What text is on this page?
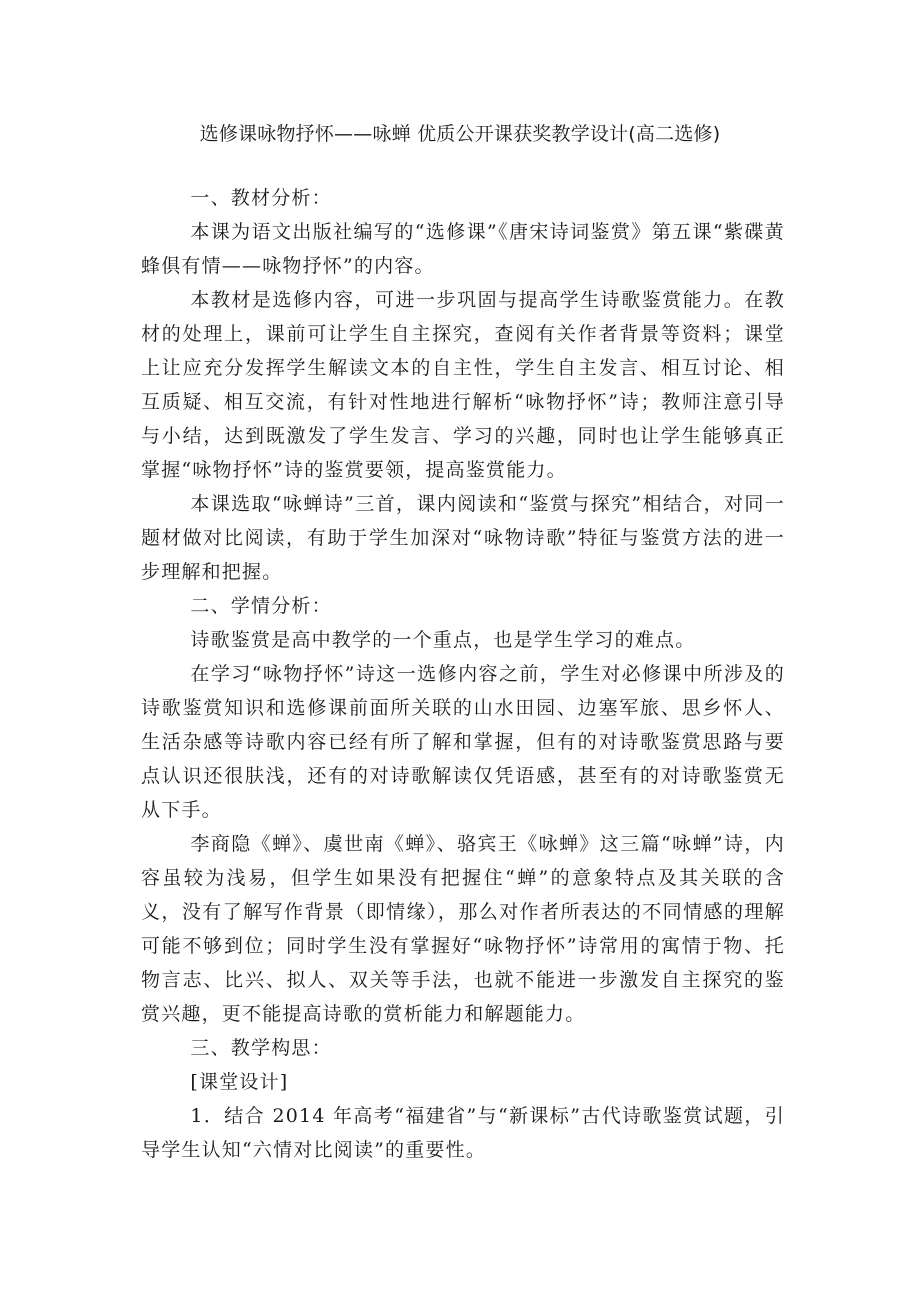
选修课咏物抒怀——咏蝉 优质公开课获奖教学设计(高二选修)

一、教材分析：

本课为语文出版社编写的“选修课”《唐宋诗词鉴赏》第五课“紫碟黄蜂俱有情——咏物抒怀”的内容。

本教材是选修内容，可进一步巩固与提高学生诗歌鉴赏能力。在教材的处理上，课前可让学生自主探究，查阅有关作者背景等资料；课堂上让应充分发挥学生解读文本的自主性，学生自主发言、相互讨论、相互质疑、相互交流，有针对性地进行解析“咏物抒怀”诗；教师注意引导与小结，达到既激发了学生发言、学习的兴趣，同时也让学生能够真正掌握“咏物抒怀”诗的鉴赏要领，提高鉴赏能力。

本课选取“咏蝉诗”三首，课内阅读和“鉴赏与探究”相结合，对同一题材做对比阅读，有助于学生加深对“咏物诗歌”特征与鉴赏方法的进一步理解和把握。

二、学情分析：

诗歌鉴赏是高中教学的一个重点，也是学生学习的难点。

在学习“咏物抒怀”诗这一选修内容之前，学生对必修课中所涉及的诗歌鉴赏知识和选修课前面所关联的山水田园、边塞军旅、思乡怀人、生活杂感等诗歌内容已经有所了解和掌握，但有的对诗歌鉴赏思路与要点认识还很肤浅，还有的对诗歌解读仅凭语感，甚至有的对诗歌鉴赏无从下手。

李商隐《蝉》、虞世南《蝉》、骆宾王《咏蝉》这三篇“咏蝉”诗，内容虽较为浅易，但学生如果没有把握住“蝉”的意象特点及其关联的含义，没有了解写作背景（即情缘），那么对作者所表达的不同情感的理解可能不够到位；同时学生没有掌握好“咏物抒怀”诗常用的寓情于物、托物言志、比兴、拟人、双关等手法，也就不能进一步激发自主探究的鉴赏兴趣，更不能提高诗歌的赏析能力和解题能力。

三、教学构思：

[课堂设计]

1．结合 2014 年高考“福建省”与“新课标”古代诗歌鉴赏试题，引导学生认知“六情对比阅读”的重要性。
